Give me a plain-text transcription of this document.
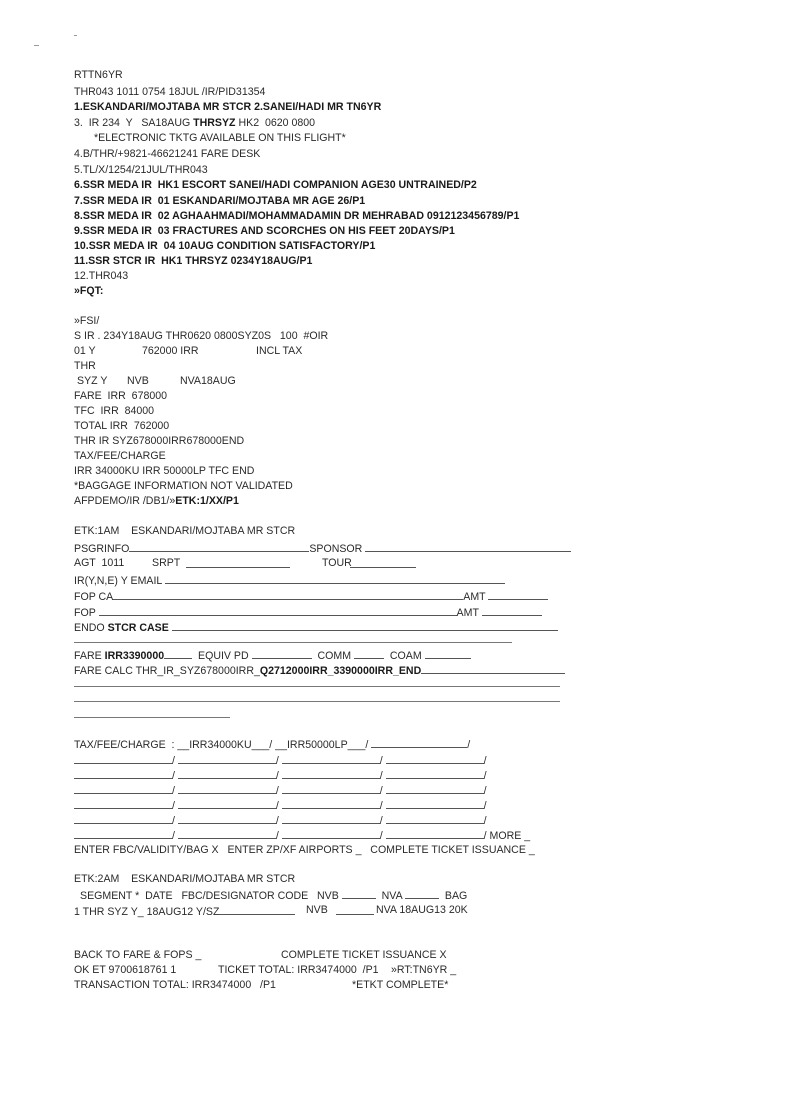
RTTN6YR
THR043 1011 0754 18JUL /IR/PID31354
1.ESKANDARI/MOJTABA MR STCR 2.SANEI/HADI MR TN6YR
3.  IR 234  Y   SA18AUG THRSYZ HK2  0620 0800
*ELECTRONIC TKTG AVAILABLE ON THIS FLIGHT*
4.B/THR/+9821-46621241 FARE DESK
5.TL/X/1254/21JUL/THR043
6.SSR MEDA IR  HK1 ESCORT SANEI/HADI COMPANION AGE30 UNTRAINED/P2
7.SSR MEDA IR  01 ESKANDARI/MOJTABA MR AGE 26/P1
8.SSR MEDA IR  02 AGHAAHMADI/MOHAMMADAMIN DR MEHRABAD 0912123456789/P1
9.SSR MEDA IR  03 FRACTURES AND SCORCHES ON HIS FEET 20DAYS/P1
10.SSR MEDA IR  04 10AUG CONDITION SATISFACTORY/P1
11.SSR STCR IR  HK1 THRSYZ 0234Y18AUG/P1
12.THR043
»FQT:
»FSI/
S IR . 234Y18AUG THR0620 0800SYZ0S   100  #OIR
01 Y	762000 IRR	INCL TAX
THR
SYZ Y NVB	NVA18AUG
FARE  IRR  678000
TFC  IRR  84000
TOTAL IRR  762000
THR IR SYZ678000IRR678000END
TAX/FEE/CHARGE
IRR 34000KU IRR 50000LP TFC END
*BAGGAGE INFORMATION NOT VALIDATED
AFPDEMO/IR /DB1/»ETK:1/XX/P1
ETK:1AM    ESKANDARI/MOJTABA MR STCR
PSGRINFO	SPONSOR
AGT  1011	SRPT	TOUR
IR(Y,N,E) Y EMAIL
FOP CA	AMT
FOP	AMT
ENDO STCR CASE
FARE IRR3390000	EQUIV PD	COMM	COAM
FARE CALC THR_IR_SYZ678000IRR_Q2712000IRR_3390000IRR_END
TAX/FEE/CHARGE  : __IRR34000KU___/ __IRR50000LP___/	/
/	/	/	/
/	/	/	/
/	/	/	/
/	/	/	/
/	/	/	/
/	/	/	/ MORE _
ENTER FBC/VALIDITY/BAG X   ENTER ZP/XF AIRPORTS _   COMPLETE TICKET ISSUANCE _
ETK:2AM    ESKANDARI/MOJTABA MR STCR
SEGMENT *  DATE   FBC/DESIGNATOR CODE   NVB	NVA	BAG
1 THR SYZ Y_ 18AUG12 Y/SZ	NVB	NVA 18AUG13 20K
BACK TO FARE & FOPS _	COMPLETE TICKET ISSUANCE X
OK ET 9700618761 1	TICKET TOTAL: IRR3474000  /P1 »RT:TN6YR _
TRANSACTION TOTAL: IRR3474000   /P1	*ETKT COMPLETE*
